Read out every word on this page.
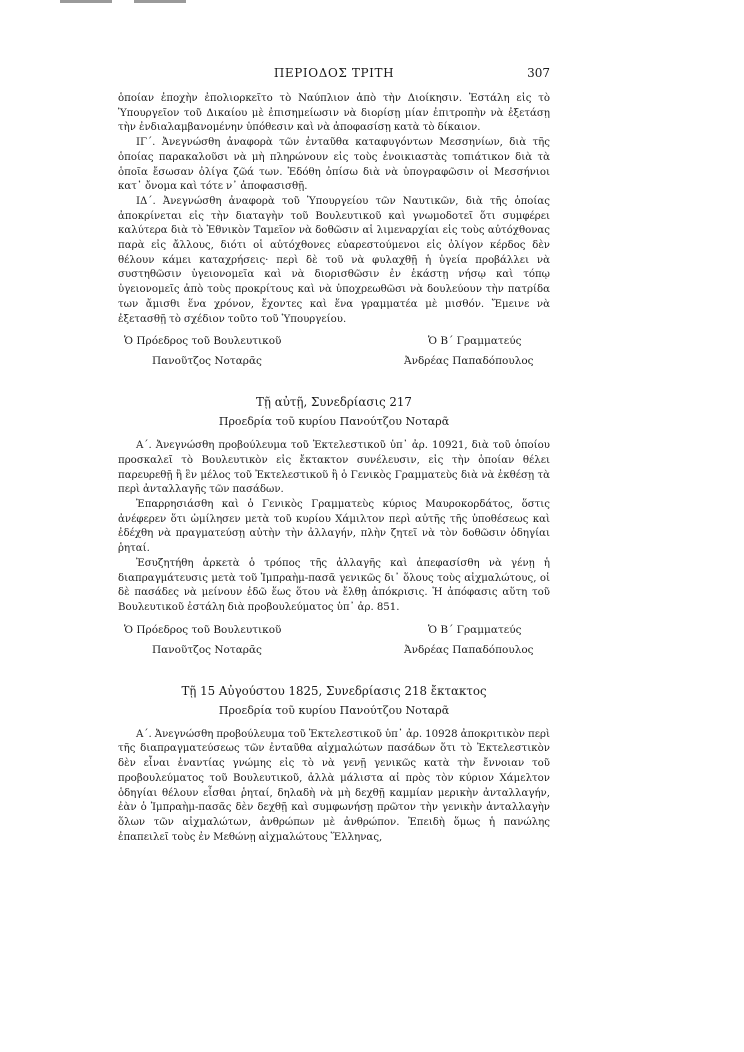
ΠΕΡΙΟΔΟΣ ΤΡΙΤΗ	307

ὁποίαν ἐποχὴν ἐπολιορκεῖτο τὸ Ναύπλιον ἀπὸ τὴν Διοίκησιν. Ἐστάλη εἰς τὸ Ὑπουργεῖον τοῦ Δικαίου μὲ ἐπισημείωσιν νὰ διορίσῃ μίαν ἐπιτροπὴν νὰ ἐξετάσῃ τὴν ἐνδιαλαμβανομένην ὑπόθεσιν καὶ νὰ ἀποφασίσῃ κατὰ τὸ δίκαιον.

ΙΓ΄. Ἀνεγνώσθη ἀναφορὰ τῶν ἐνταῦθα καταφυγόντων Μεσσηνίων, διὰ τῆς ὁποίας παρακαλοῦσι νὰ μὴ πληρώνουν εἰς τοὺς ἐνοικιαστὰς τοπιάτικον διὰ τὰ ὁποῖα ἔσωσαν ὀλίγα ζῶά των. Ἐδόθη ὀπίσω διὰ νὰ ὑπογραφῶσιν οἱ Μεσσήνιοι κατ᾽ ὄνομα καὶ τότε ν᾽ ἀποφασισθῇ.

ΙΔ΄. Ἀνεγνώσθη ἀναφορὰ τοῦ Ὑπουργείου τῶν Ναυτικῶν, διὰ τῆς ὁποίας ἀποκρίνεται εἰς τὴν διαταγὴν τοῦ Βουλευτικοῦ καὶ γνωμοδοτεῖ ὅτι συμφέρει καλύτερα διὰ τὸ Ἐθνικὸν Ταμεῖον νὰ δοθῶσιν αἱ λιμεναρχίαι εἰς τοὺς αὐτόχθονας παρὰ εἰς ἄλλους, διότι οἱ αὐτόχθονες εὐαρεστούμενοι εἰς ὀλίγον κέρδος δὲν θέλουν κάμει καταχρήσεις· περὶ δὲ τοῦ νὰ φυλαχθῇ ἡ ὑγεία προβάλλει νὰ συστηθῶσιν ὑγειονομεῖα καὶ νὰ διορισθῶσιν ἐν ἑκάστῃ νήσῳ καὶ τόπῳ ὑγειονομεῖς ἀπὸ τοὺς προκρίτους καὶ νὰ ὑποχρεωθῶσι νὰ δουλεύουν τὴν πατρίδα των ἄμισθι ἕνα χρόνον, ἔχοντες καὶ ἕνα γραμματέα μὲ μισθόν. Ἔμεινε νὰ ἐξετασθῇ τὸ σχέδιον τοῦτο τοῦ Ὑπουργείου.

Ὁ Πρόεδρος τοῦ Βουλευτικοῦ
Πανοῦτζος Νοταρᾶς
Ὁ Β΄ Γραμματεύς
Ἀνδρέας Παπαδόπουλος
Τῇ αὐτῇ, Συνεδρίασις 217
Προεδρία τοῦ κυρίου Πανούτζου Νοταρᾶ

Α΄. Ἀνεγνώσθη προβούλευμα τοῦ Ἐκτελεστικοῦ ὑπ᾽ ἀρ. 10921, διὰ τοῦ ὁποίου προσκαλεῖ τὸ Βουλευτικὸν εἰς ἔκτακτον συνέλευσιν, εἰς τὴν ὁποίαν θέλει παρευρεθῇ ἢ ἓν μέλος τοῦ Ἐκτελεστικοῦ ἢ ὁ Γενικὸς Γραμματεὺς διὰ νὰ ἐκθέσῃ τὰ περὶ ἀνταλλαγῆς τῶν πασάδων.

Ἐπαρρησιάσθη καὶ ὁ Γενικὸς Γραμματεὺς κύριος Μαυροκορδάτος, ὅστις ἀνέφερεν ὅτι ὡμίλησεν μετὰ τοῦ κυρίου Χάμιλτον περὶ αὐτῆς τῆς ὑποθέσεως καὶ ἐδέχθη νὰ πραγματεύσῃ αὐτὴν τὴν ἀλλαγήν, πλὴν ζητεῖ νὰ τὸν δοθῶσιν ὁδηγίαι ῥηταί.

Ἐσυζητήθη ἀρκετὰ ὁ τρόπος τῆς ἀλλαγῆς καὶ ἀπεφασίσθη νὰ γένῃ ἡ διαπραγμάτευσις μετὰ τοῦ Ἰμπραὴμ-πασᾶ γενικῶς δι᾽ ὅλους τοὺς αἰχμαλώτους, οἱ δὲ πασάδες νὰ μείνουν ἐδῶ ἕως ὅτου νὰ ἔλθῃ ἀπόκρισις. Ἡ ἀπόφασις αὕτη τοῦ Βουλευτικοῦ ἐστάλη διὰ προβουλεύματος ὑπ᾽ ἀρ. 851.

Ὁ Πρόεδρος τοῦ Βουλευτικοῦ
Πανοῦτζος Νοταρᾶς
Ὁ Β΄ Γραμματεύς
Ἀνδρέας Παπαδόπουλος
Τῇ 15 Αὐγούστου 1825, Συνεδρίασις 218 ἔκτακτος
Προεδρία τοῦ κυρίου Πανούτζου Νοταρᾶ

Α΄. Ἀνεγνώσθη προβούλευμα τοῦ Ἐκτελεστικοῦ ὑπ᾽ ἀρ. 10928 ἀποκριτικὸν περὶ τῆς διαπραγματεύσεως τῶν ἐνταῦθα αἰχμαλώτων πασάδων ὅτι τὸ Ἐκτελεστικὸν δὲν εἶναι ἐναντίας γνώμης εἰς τὸ νὰ γενῇ γενικῶς κατὰ τὴν ἔννοιαν τοῦ προβουλεύματος τοῦ Βουλευτικοῦ, ἀλλὰ μάλιστα αἱ πρὸς τὸν κύριον Χάμελτον ὁδηγίαι θέλουν εἶσθαι ῥηταί, δηλαδὴ νὰ μὴ δεχθῇ καμμίαν μερικὴν ἀνταλλαγήν, ἐὰν ὁ Ἰμπραὴμ-πασᾶς δὲν δεχθῇ καὶ συμφωνήσῃ πρῶτον τὴν γενικὴν ἀνταλλαγὴν ὅλων τῶν αἰχμαλώτων, ἀνθρώπων μὲ ἀνθρώπον. Ἐπειδὴ ὅμως ἡ πανώλης ἐπαπειλεῖ τοὺς ἐν Μεθώνῃ αἰχμαλώτους Ἕλληνας,
